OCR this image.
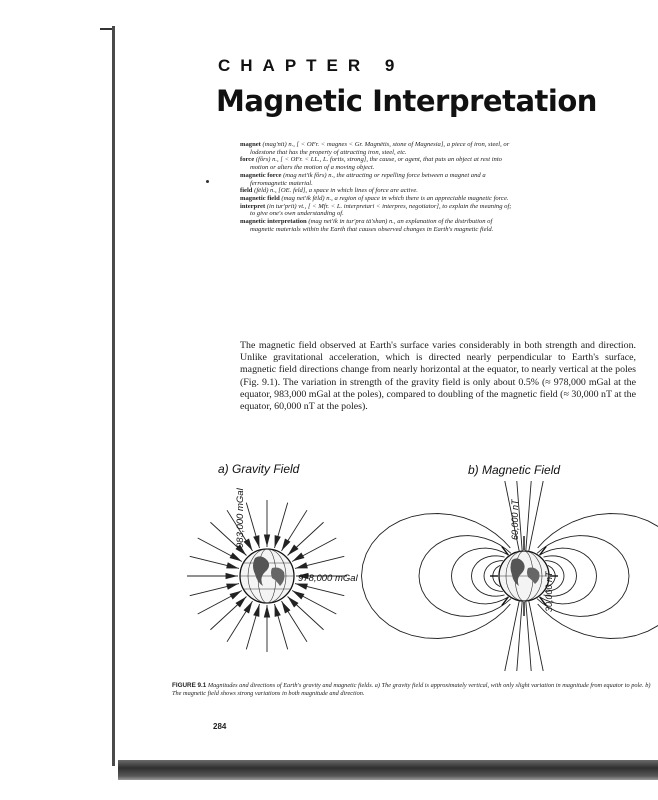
CHAPTER 9
Magnetic Interpretation

magnet (mag'nit) n., [ < OFr. < magnes < Gr. Magnētis, stone of Magnesia], a piece of iron, steel, or lodestone that has the property of attracting iron, steel, etc.

force (fôrs) n., [ < OFr. < LL., L. fortis, strong], the cause, or agent, that puts an object at rest into motion or alters the motion of a moving object.

magnetic force (mag net'ik fôrs) n., the attracting or repelling force between a magnet and a ferromagnetic material.

field (fēld) n., [OE. feld], a space in which lines of force are active.

magnetic field (mag net'ik fēld) n., a region of space in which there is an appreciable magnetic force.

interpret (in tur'prit) vt., [ < Mfr. < L. interpretari < interpres, negotiator], to explain the meaning of; to give one's own understanding of.

magnetic interpretation (mag net'ik in tur'pra tā'shan) n., an explanation of the distribution of magnetic materials within the Earth that causes observed changes in Earth's magnetic field.

The magnetic field observed at Earth's surface varies considerably in both strength and direction. Unlike gravitational acceleration, which is directed nearly perpendicular to Earth's surface, magnetic field directions change from nearly horizontal at the equator, to nearly vertical at the poles (Fig. 9.1). The variation in strength of the gravity field is only about 0.5% (≈ 978,000 mGal at the equator, 983,000 mGal at the poles), compared to doubling of the magnetic field (≈ 30,000 nT at the equator, 60,000 nT at the poles).
a) Gravity Field	b) Magnetic Field
983,000 mGal
978,000 mGal
60,000 nT
30,000 nT
FIGURE 9.1 Magnitudes and directions of Earth's gravity and magnetic fields. a) The gravity field is approximately vertical, with only slight variation in magnitude from equator to pole. b) The magnetic field shows strong variations in both magnitude and direction.
284
